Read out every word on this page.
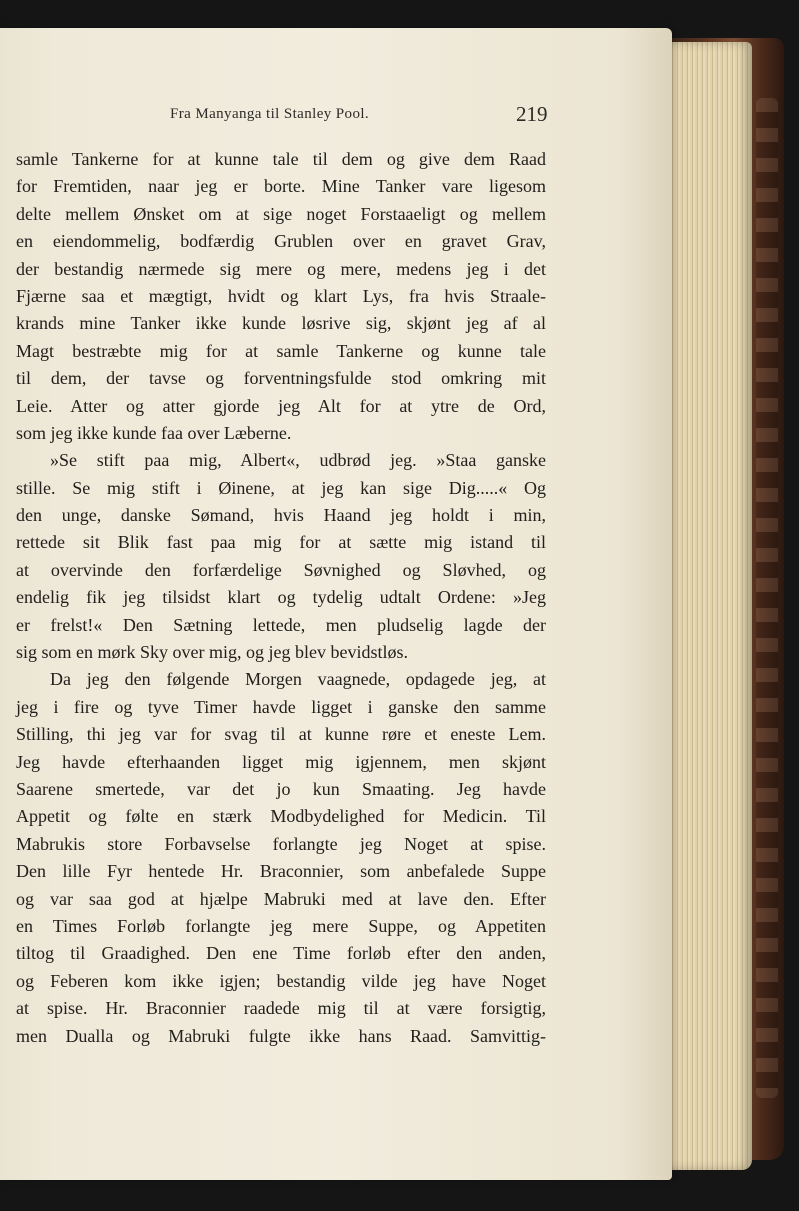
Fra Manyanga til Stanley Pool.	219
samle Tankerne for at kunne tale til dem og give dem Raad
for Fremtiden, naar jeg er borte. Mine Tanker vare ligesom
delte mellem Ønsket om at sige noget Forstaaeligt og mellem
en eiendommelig, bodfærdig Grublen over en gravet Grav,
der bestandig nærmede sig mere og mere, medens jeg i det
Fjærne saa et mægtigt, hvidt og klart Lys, fra hvis Straale-
krands mine Tanker ikke kunde løsrive sig, skjønt jeg af al
Magt bestræbte mig for at samle Tankerne og kunne tale
til dem, der tavse og forventningsfulde stod omkring mit
Leie. Atter og atter gjorde jeg Alt for at ytre de Ord,
som jeg ikke kunde faa over Læberne.
»Se stift paa mig, Albert«, udbrød jeg. »Staa ganske
stille. Se mig stift i Øinene, at jeg kan sige Dig.....« Og
den unge, danske Sømand, hvis Haand jeg holdt i min,
rettede sit Blik fast paa mig for at sætte mig istand til
at overvinde den forfærdelige Søvnighed og Sløvhed, og
endelig fik jeg tilsidst klart og tydelig udtalt Ordene: »Jeg
er frelst!« Den Sætning lettede, men pludselig lagde der
sig som en mørk Sky over mig, og jeg blev bevidstløs.
Da jeg den følgende Morgen vaagnede, opdagede jeg, at
jeg i fire og tyve Timer havde ligget i ganske den samme
Stilling, thi jeg var for svag til at kunne røre et eneste Lem.
Jeg havde efterhaanden ligget mig igjennem, men skjønt
Saarene smertede, var det jo kun Smaating. Jeg havde
Appetit og følte en stærk Modbydelighed for Medicin. Til
Mabrukis store Forbavselse forlangte jeg Noget at spise.
Den lille Fyr hentede Hr. Braconnier, som anbefalede Suppe
og var saa god at hjælpe Mabruki med at lave den. Efter
en Times Forløb forlangte jeg mere Suppe, og Appetiten
tiltog til Graadighed. Den ene Time forløb efter den anden,
og Feberen kom ikke igjen; bestandig vilde jeg have Noget
at spise. Hr. Braconnier raadede mig til at være forsigtig,
men Dualla og Mabruki fulgte ikke hans Raad. Samvittig-
